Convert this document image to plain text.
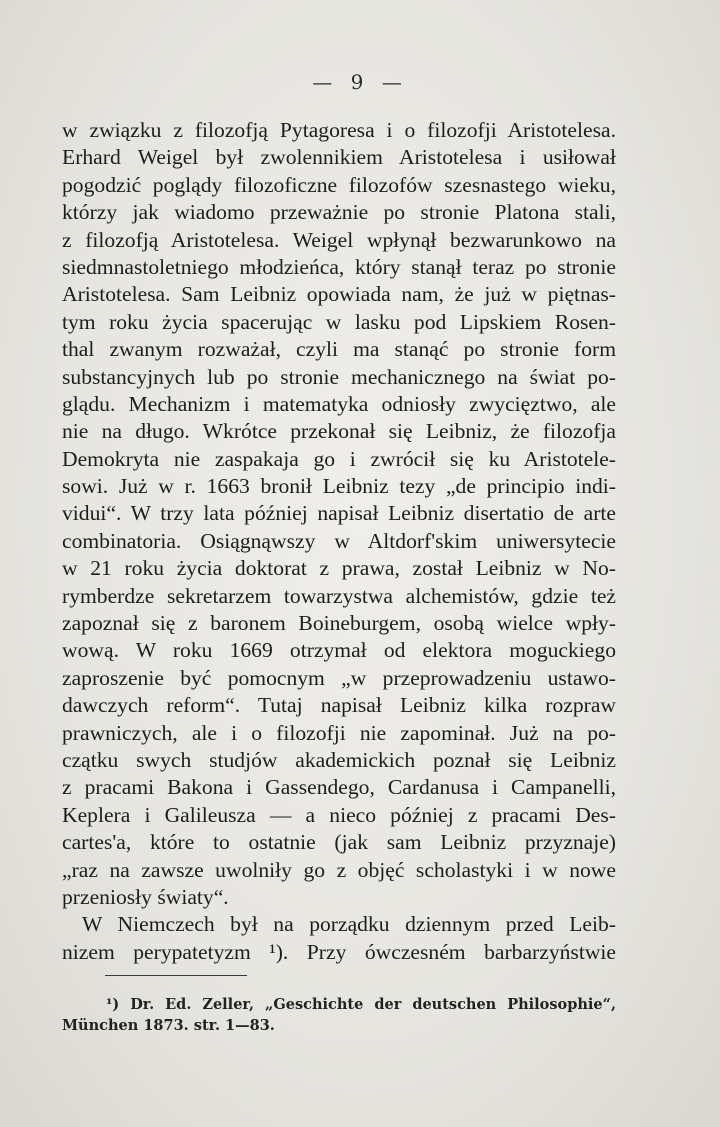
— 9 —
w związku z filozofją Pytagoresa i o filozofji Aristotelesa.
Erhard Weigel był zwolennikiem Aristotelesa i usiłował
pogodzić poglądy filozoficzne filozofów szesnastego wieku,
którzy jak wiadomo przeważnie po stronie Platona stali,
z filozofją Aristotelesa. Weigel wpłynął bezwarunkowo na
siedmnastoletniego młodzieńca, który stanął teraz po stronie
Aristotelesa. Sam Leibniz opowiada nam, że już w piętnas-
tym roku życia spacerując w lasku pod Lipskiem Rosen-
thal zwanym rozważał, czyli ma stanąć po stronie form
substancyjnych lub po stronie mechanicznego na świat po-
glądu. Mechanizm i matematyka odniosły zwycięztwo, ale
nie na długo. Wkrótce przekonał się Leibniz, że filozofja
Demokryta nie zaspakaja go i zwrócił się ku Aristotele-
sowi. Już w r. 1663 bronił Leibniz tezy „de principio indi-
vidui“. W trzy lata później napisał Leibniz disertatio de arte
combinatoria. Osiągnąwszy w Altdorf'skim uniwersytecie
w 21 roku życia doktorat z prawa, został Leibniz w No-
rymberdze sekretarzem towarzystwa alchemistów, gdzie też
zapoznał się z baronem Boineburgem, osobą wielce wpły-
wową. W roku 1669 otrzymał od elektora moguckiego
zaproszenie być pomocnym „w przeprowadzeniu ustawo-
dawczych reform“. Tutaj napisał Leibniz kilka rozpraw
prawniczych, ale i o filozofji nie zapominał. Już na po-
czątku swych studjów akademickich poznał się Leibniz
z pracami Bakona i Gassendego, Cardanusa i Campanelli,
Keplera i Galileusza — a nieco później z pracami Des-
cartes'a, które to ostatnie (jak sam Leibniz przyznaje)
„raz na zawsze uwolniły go z objęć scholastyki i w nowe
przeniosły światy“.
W Niemczech był na porządku dziennym przed Leib-
nizem perypatetyzm ¹). Przy ówczesném barbarzyństwie
¹) Dr. Ed. Zeller, „Geschichte der deutschen Philosophie“,
München 1873. str. 1—83.
